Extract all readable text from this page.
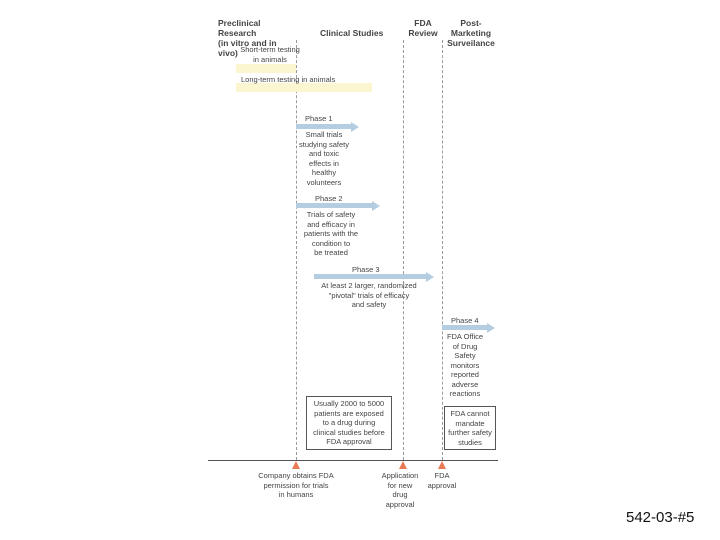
Preclinical Research
(in vitro and in vivo)
Clinical Studies
FDA
Review
Post-Marketing
Surveilance
Short-term testing
in animals
Long-term testing in animals
Phase 1
Small trials
studying safety
and toxic
effects in
healthy
volunteers
Phase 2
Trials of safety
and efficacy in
patients with the
condition to
be treated
Phase 3
At least 2 larger, randomized
"pivotal" trials of efficacy
and safety
Phase 4
FDA Office
of Drug
Safety
monitors
reported
adverse
reactions
Usually 2000 to 5000
patients are exposed
to a drug during
clinical studies before
FDA approval
FDA cannot
mandate
further safety
studies
Company obtains FDA
permission for trials
in humans
Application
for new
drug
approval
FDA
approval
542-03-#5
